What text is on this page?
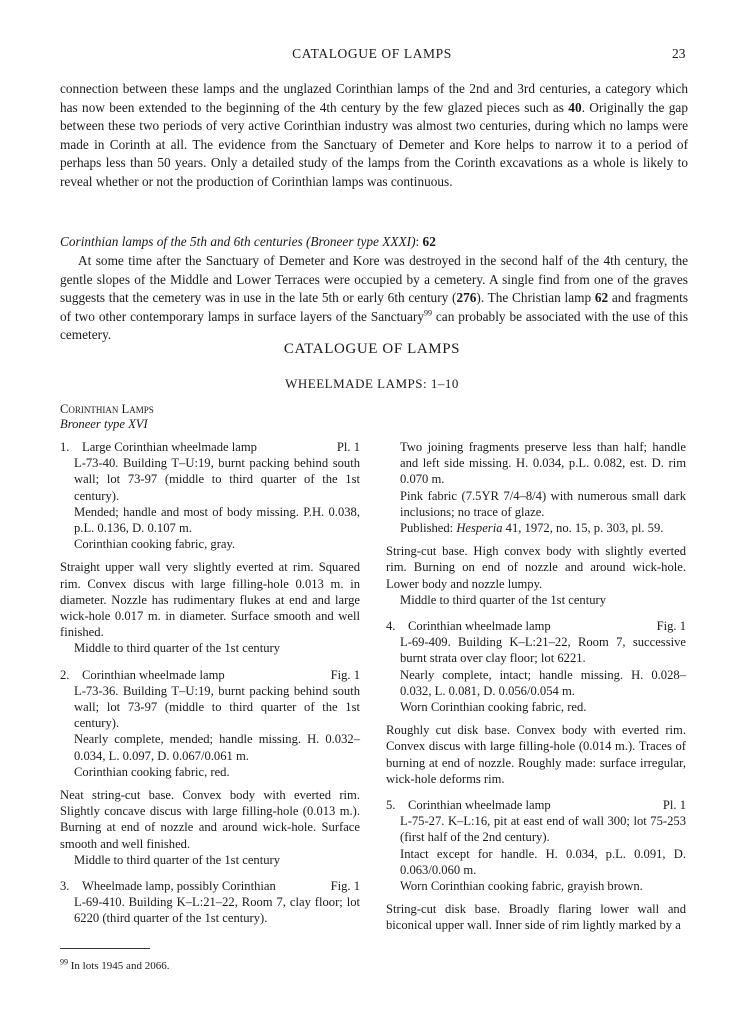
CATALOGUE OF LAMPS	23
connection between these lamps and the unglazed Corinthian lamps of the 2nd and 3rd centuries, a category which has now been extended to the beginning of the 4th century by the few glazed pieces such as 40. Originally the gap between these two periods of very active Corinthian industry was almost two centuries, during which no lamps were made in Corinth at all. The evidence from the Sanctuary of Demeter and Kore helps to narrow it to a period of perhaps less than 50 years. Only a detailed study of the lamps from the Corinth excavations as a whole is likely to reveal whether or not the production of Corinthian lamps was continuous.
Corinthian lamps of the 5th and 6th centuries (Broneer type XXXI): 62
At some time after the Sanctuary of Demeter and Kore was destroyed in the second half of the 4th century, the gentle slopes of the Middle and Lower Terraces were occupied by a cemetery. A single find from one of the graves suggests that the cemetery was in use in the late 5th or early 6th century (276). The Christian lamp 62 and fragments of two other contemporary lamps in surface layers of the Sanctuary$^{99}$ can probably be associated with the use of this cemetery.
CATALOGUE OF LAMPS
WHEELMADE LAMPS: 1–10
Corinthian Lamps
Broneer type XVI
1. Large Corinthian wheelmade lamp	Pl. 1
L-73-40. Building T–U:19, burnt packing behind south wall; lot 73-97 (middle to third quarter of the 1st century).
Mended; handle and most of body missing. P.H. 0.038, p.L. 0.136, D. 0.107 m.
Corinthian cooking fabric, gray.
Straight upper wall very slightly everted at rim. Squared rim. Convex discus with large filling-hole 0.013 m. in diameter. Nozzle has rudimentary flukes at end and large wick-hole 0.017 m. in diameter. Surface smooth and well finished.
Middle to third quarter of the 1st century
2. Corinthian wheelmade lamp	Fig. 1
L-73-36. Building T–U:19, burnt packing behind south wall; lot 73-97 (middle to third quarter of the 1st century).
Nearly complete, mended; handle missing. H. 0.032–0.034, L. 0.097, D. 0.067/0.061 m.
Corinthian cooking fabric, red.
Neat string-cut base. Convex body with everted rim. Slightly concave discus with large filling-hole (0.013 m.). Burning at end of nozzle and around wick-hole. Surface smooth and well finished.
Middle to third quarter of the 1st century
3. Wheelmade lamp, possibly Corinthian	Fig. 1
L-69-410. Building K–L:21–22, Room 7, clay floor; lot 6220 (third quarter of the 1st century).
Two joining fragments preserve less than half; handle and left side missing. H. 0.034, p.L. 0.082, est. D. rim 0.070 m.
Pink fabric (7.5YR 7/4–8/4) with numerous small dark inclusions; no trace of glaze.
Published: Hesperia 41, 1972, no. 15, p. 303, pl. 59.
String-cut base. High convex body with slightly everted rim. Burning on end of nozzle and around wick-hole. Lower body and nozzle lumpy.
Middle to third quarter of the 1st century
4. Corinthian wheelmade lamp	Fig. 1
L-69-409. Building K–L:21–22, Room 7, successive burnt strata over clay floor; lot 6221.
Nearly complete, intact; handle missing. H. 0.028–0.032, L. 0.081, D. 0.056/0.054 m.
Worn Corinthian cooking fabric, red.
Roughly cut disk base. Convex body with everted rim. Convex discus with large filling-hole (0.014 m.). Traces of burning at end of nozzle. Roughly made: surface irregular, wick-hole deforms rim.
5. Corinthian wheelmade lamp	Pl. 1
L-75-27. K–L:16, pit at east end of wall 300; lot 75-253 (first half of the 2nd century).
Intact except for handle. H. 0.034, p.L. 0.091, D. 0.063/0.060 m.
Worn Corinthian cooking fabric, grayish brown.
String-cut disk base. Broadly flaring lower wall and biconical upper wall. Inner side of rim lightly marked by a
$^{99}$ In lots 1945 and 2066.
